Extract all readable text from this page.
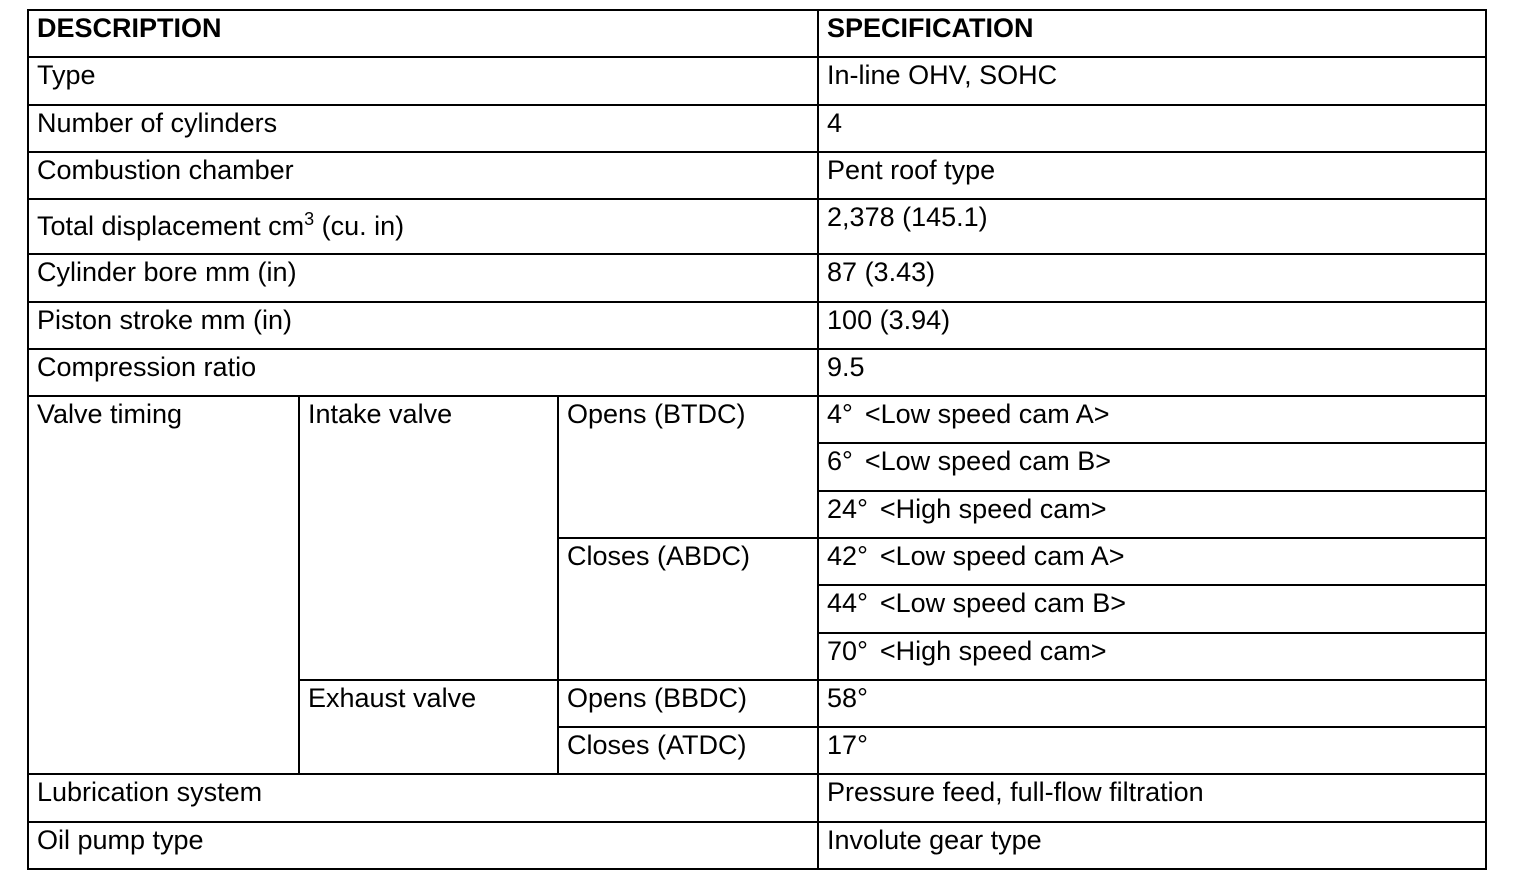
DESCRIPTION			SPECIFICATION
Type			In-line OHV, SOHC
Number of cylinders			4
Combustion chamber			Pent roof type
Total displacement $cm^3$ (cu. in)			2,378 (145.1)
Cylinder bore mm (in)			87 (3.43)
Piston stroke mm (in)			100 (3.94)
Compression ratio			9.5
Valve timing	Intake valve	Opens (BTDC)	4° <Low speed cam A>
			6° <Low speed cam B>
			24° <High speed cam>
		Closes (ABDC)	42° <Low speed cam A>
			44° <Low speed cam B>
			70° <High speed cam>
	Exhaust valve	Opens (BBDC)	58°
		Closes (ATDC)	17°
Lubrication system			Pressure feed, full-flow filtration
Oil pump type			Involute gear type
